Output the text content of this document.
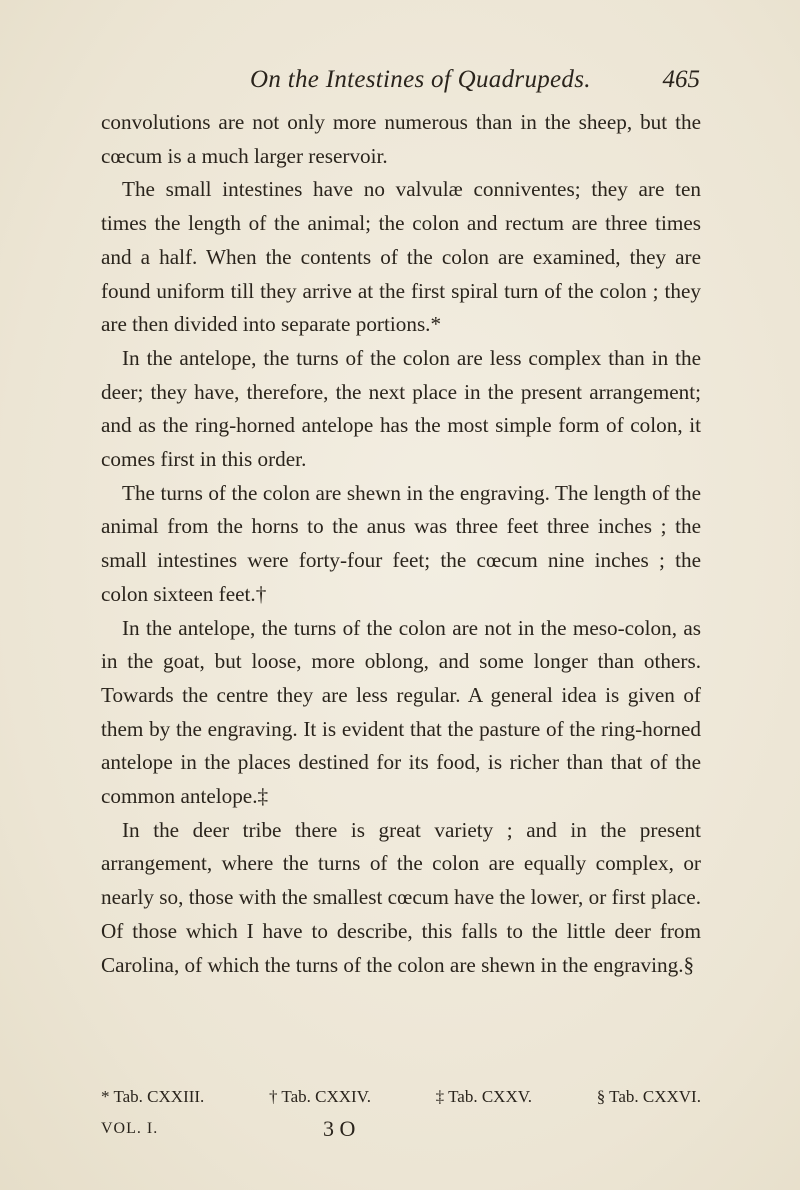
On the Intestines of Quadrupeds.	465

convolutions are not only more numerous than in the sheep, but the cœcum is a much larger reservoir.

The small intestines have no valvulæ conniventes; they are ten times the length of the animal; the colon and rectum are three times and a half. When the contents of the colon are examined, they are found uniform till they arrive at the first spiral turn of the colon ; they are then divided into separate portions.*

In the antelope, the turns of the colon are less complex than in the deer; they have, therefore, the next place in the present arrangement; and as the ring-horned antelope has the most simple form of colon, it comes first in this order.

The turns of the colon are shewn in the engraving. The length of the animal from the horns to the anus was three feet three inches ; the small intestines were forty-four feet; the cœcum nine inches ; the colon sixteen feet.†

In the antelope, the turns of the colon are not in the meso-colon, as in the goat, but loose, more oblong, and some longer than others. Towards the centre they are less regular. A general idea is given of them by the engraving. It is evident that the pasture of the ring-horned antelope in the places destined for its food, is richer than that of the common antelope.‡

In the deer tribe there is great variety ; and in the present arrangement, where the turns of the colon are equally complex, or nearly so, those with the smallest cœcum have the lower, or first place. Of those which I have to describe, this falls to the little deer from Carolina, of which the turns of the colon are shewn in the engraving.§

* Tab. CXXIII.	† Tab. CXXIV.	‡ Tab. CXXV.	§ Tab. CXXVI.
VOL. I.	3 O
